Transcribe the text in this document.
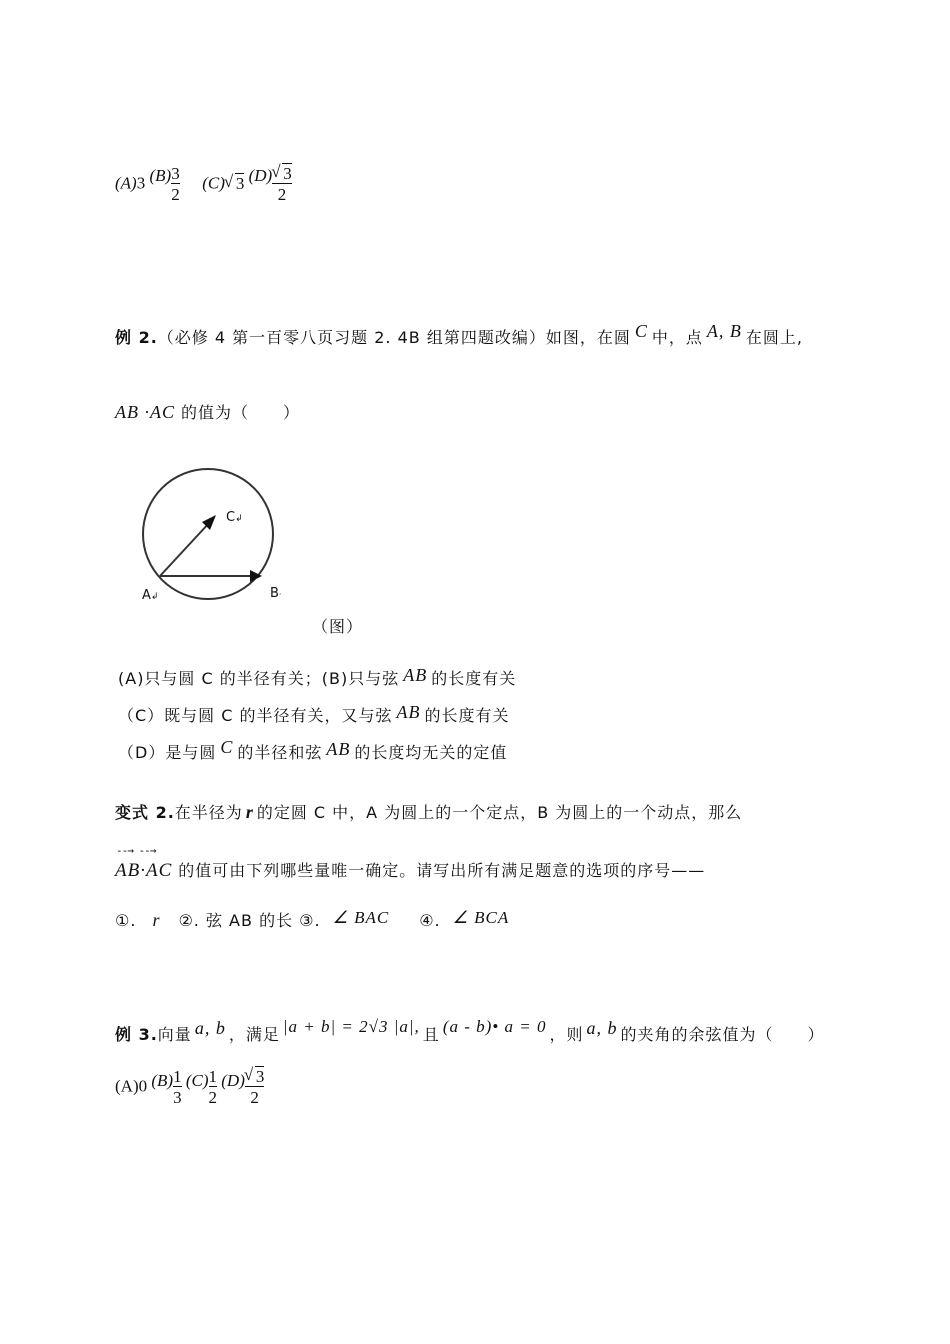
(A)3 $(B) \frac{3}{2} (C)√$ 3 (D)
√ $\frac{3}{2}$
例 2.（必修 4 第一百零八页习题 2. 4B 组第四题改编）如图，在圆 C 中，点 A, B 在圆上,
AB ·AC 的值为（　　）
C↲
A↲	B·
（图）
(A)只与圆 C 的半径有关；(B)只与弦 AB 的长度有关
（C）既与圆 C 的半径有关，又与弦 AB 的长度有关
（D）是与圆 C 的半径和弦 AB 的长度均无关的定值
变式 2.在半径为 r 的定圆 C 中，A 为圆上的一个定点，B 为圆上的一个动点，那么
--→ --→
AB·AC 的值可由下列哪些量唯一确定。请写出所有满足题意的选项的序号——
①. r ②. 弦 AB 的长 ③. ∠ BAC ④. ∠ BCA
例 3.向量 a, b ，满足 |a + b| = 2√3 |a|, 且 (a - b)• a = 0 ，则 a, b 的夹角的余弦值为（　　）
(A)0 $(B) \frac{1}{3} (C) \frac{1}{2} (D)$
√ $\frac{3}{2}$
